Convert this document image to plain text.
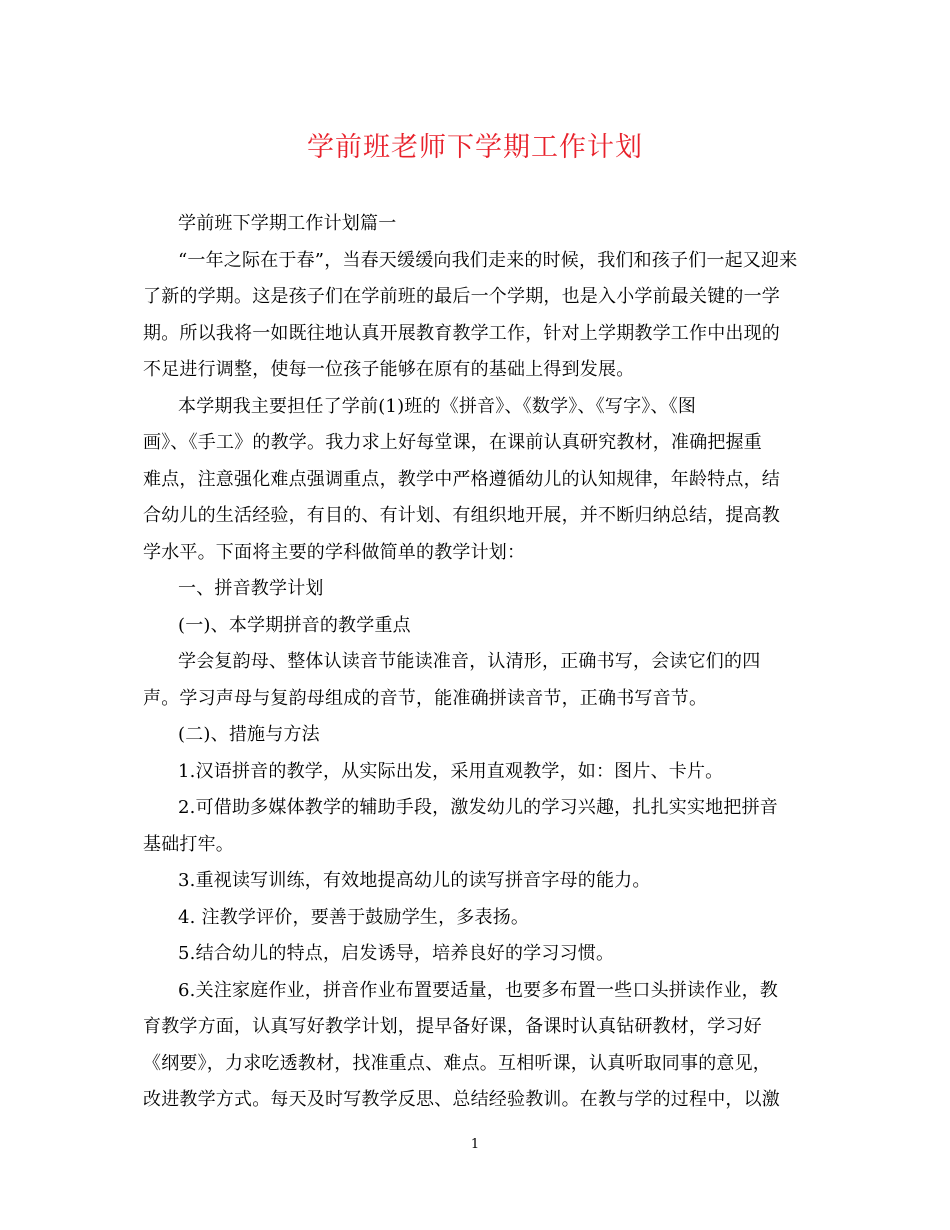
学前班老师下学期工作计划
学前班下学期工作计划篇一
“一年之际在于春”，当春天缓缓向我们走来的时候，我们和孩子们一起又迎来
了新的学期。这是孩子们在学前班的最后一个学期，也是入小学前最关键的一学
期。所以我将一如既往地认真开展教育教学工作，针对上学期教学工作中出现的
不足进行调整，使每一位孩子能够在原有的基础上得到发展。
本学期我主要担任了学前(1)班的《拼音》、《数学》、《写字》、《图
画》、《手工》的教学。我力求上好每堂课，在课前认真研究教材，准确把握重
难点，注意强化难点强调重点，教学中严格遵循幼儿的认知规律，年龄特点，结
合幼儿的生活经验，有目的、有计划、有组织地开展，并不断归纳总结，提高教
学水平。下面将主要的学科做简单的教学计划：
一、拼音教学计划
(一)、本学期拼音的教学重点
学会复韵母、整体认读音节能读准音，认清形，正确书写，会读它们的四
声。学习声母与复韵母组成的音节，能准确拼读音节，正确书写音节。
(二)、措施与方法
1.汉语拼音的教学，从实际出发，采用直观教学，如：图片、卡片。
2.可借助多媒体教学的辅助手段，激发幼儿的学习兴趣，扎扎实实地把拼音
基础打牢。
3.重视读写训练，有效地提高幼儿的读写拼音字母的能力。
4. 注教学评价，要善于鼓励学生，多表扬。
5.结合幼儿的特点，启发诱导，培养良好的学习习惯。
6.关注家庭作业，拼音作业布置要适量，也要多布置一些口头拼读作业，教
育教学方面，认真写好教学计划，提早备好课，备课时认真钻研教材，学习好
《纲要》，力求吃透教材，找准重点、难点。互相听课，认真听取同事的意见，
改进教学方式。每天及时写教学反思、总结经验教训。在教与学的过程中，以激
1
